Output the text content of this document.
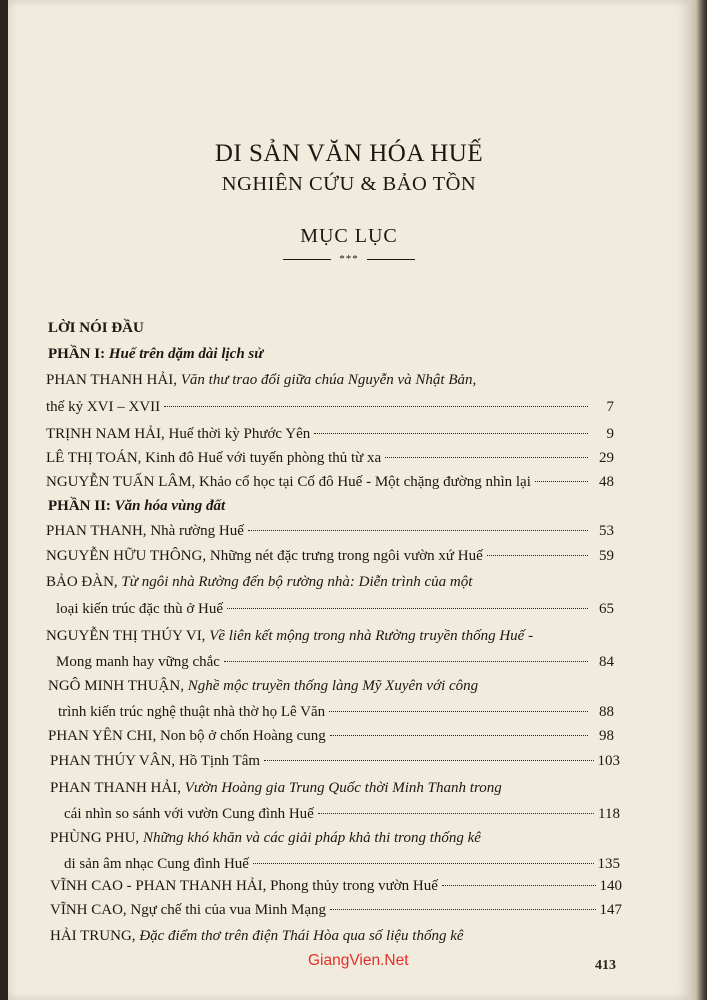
DI SẢN VĂN HÓA HUẾ
NGHIÊN CỨU & BẢO TỒN
MỤC LỤC
***
LỜI NÓI ĐẦU
PHẦN I: Huế trên dặm dài lịch sử
PHAN THANH HẢI, Văn thư trao đổi giữa chúa Nguyễn và Nhật Bản,
thế kỷ XVI – XVII	7
TRỊNH NAM HẢI, Huế thời kỳ Phước Yên	9
LÊ THỊ TOÁN, Kinh đô Huế với tuyến phòng thủ từ xa	29
NGUYỄN TUẤN LÂM, Khảo cổ học tại Cố đô Huế - Một chặng đường nhìn lại	48
PHẦN II: Văn hóa vùng đất
PHAN THANH, Nhà rường Huế	53
NGUYỄN HỮU THÔNG, Những nét đặc trưng trong ngôi vườn xứ Huế	59
BẢO ĐÀN, Từ ngôi nhà Rường đến bộ rường nhà: Diễn trình của một
loại kiến trúc đặc thù ở Huế	65
NGUYỄN THỊ THÚY VI, Về liên kết mộng trong nhà Rường truyền thống Huế -
Mong manh hay vững chắc	84
NGÔ MINH THUẬN, Nghề mộc truyền thống làng Mỹ Xuyên với công
trình kiến trúc nghệ thuật nhà thờ họ Lê Văn	88
PHAN YÊN CHI, Non bộ ở chốn Hoàng cung	98
PHAN THÚY VÂN, Hồ Tịnh Tâm	103
PHAN THANH HẢI, Vườn Hoàng gia Trung Quốc thời Minh Thanh trong
cái nhìn so sánh với vườn Cung đình Huế	118
PHÙNG PHU, Những khó khăn và các giải pháp khả thi trong thống kê
di sản âm nhạc Cung đình Huế	135
VĨNH CAO - PHAN THANH HẢI, Phong thủy trong vườn Huế	140
VĨNH CAO, Ngự chế thi của vua Minh Mạng	147
HẢI TRUNG, Đặc điểm thơ trên điện Thái Hòa qua số liệu thống kê
GiangVien.Net	413
